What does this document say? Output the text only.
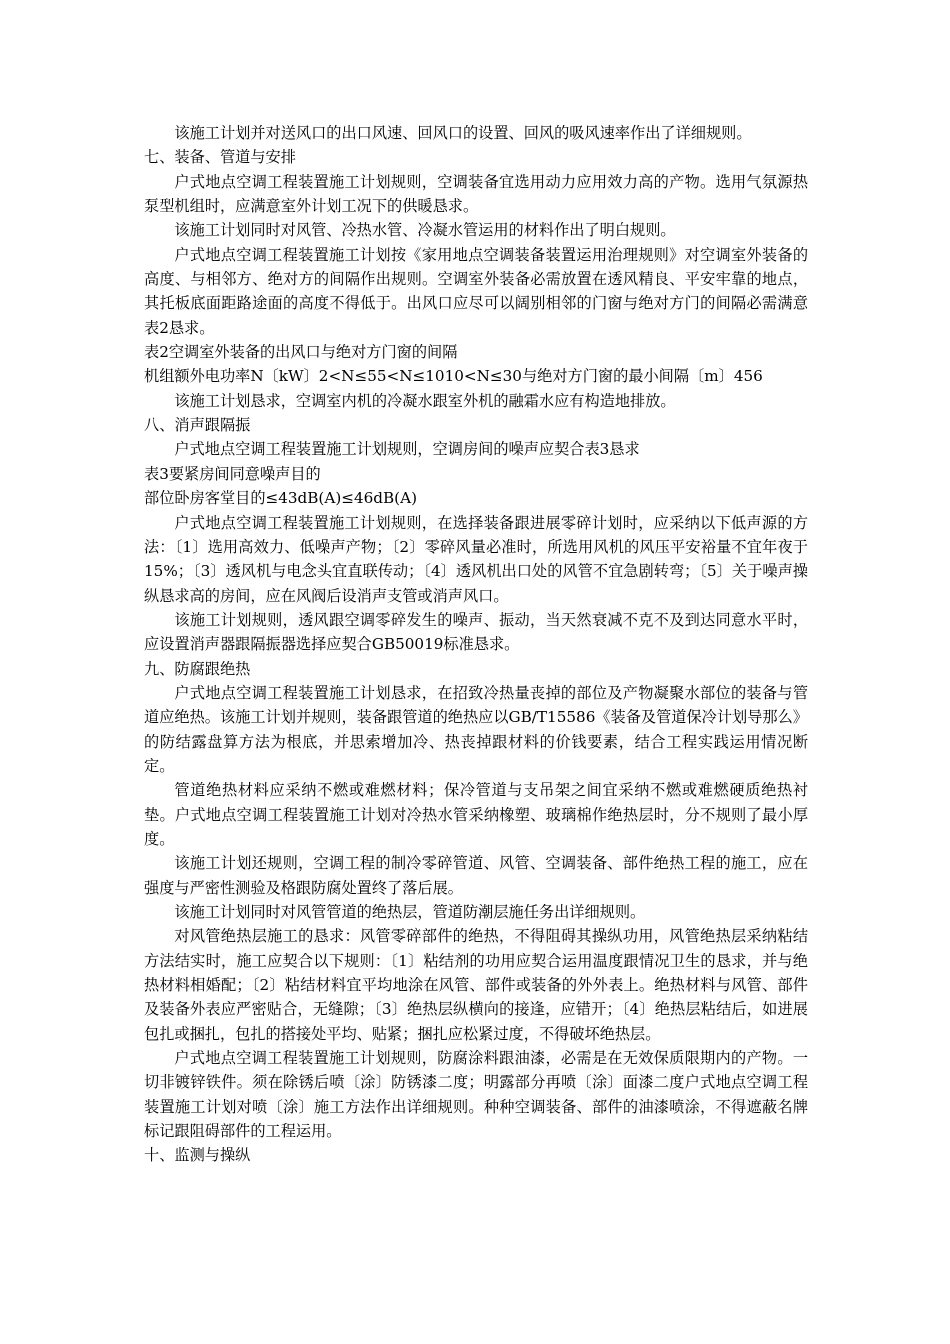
该施工计划并对送风口的出口风速、回风口的设置、回风的吸风速率作出了详细规则。

七、装备、管道与安排

户式地点空调工程装置施工计划规则，空调装备宜选用动力应用效力高的产物。选用气氛源热泵型机组时，应满意室外计划工况下的供暖恳求。

该施工计划同时对风管、冷热水管、冷凝水管运用的材料作出了明白规则。

户式地点空调工程装置施工计划按《家用地点空调装备装置运用治理规则》对空调室外装备的高度、与相邻方、绝对方的间隔作出规则。空调室外装备必需放置在透风精良、平安牢靠的地点，其托板底面距路途面的高度不得低于。出风口应尽可以阔别相邻的门窗与绝对方门的间隔必需满意表2恳求。

表2空调室外装备的出风口与绝对方门窗的间隔

机组额外电功率N〔kW〕2<N≤55<N≤1010<N≤30与绝对方门窗的最小间隔〔m〕456

该施工计划恳求，空调室内机的冷凝水跟室外机的融霜水应有构造地排放。

八、消声跟隔振

户式地点空调工程装置施工计划规则，空调房间的噪声应契合表3恳求

表3要紧房间同意噪声目的

部位卧房客堂目的≤43dB(A)≤46dB(A)

户式地点空调工程装置施工计划规则，在选择装备跟进展零碎计划时，应采纳以下低声源的方法：〔1〕选用高效力、低噪声产物；〔2〕零碎风量必准时，所选用风机的风压平安裕量不宜年夜于15%；〔3〕透风机与电念头宜直联传动；〔4〕透风机出口处的风管不宜急剧转弯；〔5〕关于噪声操纵恳求高的房间，应在风阀后设消声支管或消声风口。

该施工计划规则，透风跟空调零碎发生的噪声、振动，当天然衰减不克不及到达同意水平时，应设置消声器跟隔振器选择应契合GB50019标准恳求。

九、防腐跟绝热

户式地点空调工程装置施工计划恳求，在招致冷热量丧掉的部位及产物凝聚水部位的装备与管道应绝热。该施工计划并规则，装备跟管道的绝热应以GB/T15586《装备及管道保冷计划导那么》的防结露盘算方法为根底，并思索增加冷、热丧掉跟材料的价钱要素，结合工程实践运用情况断定。

管道绝热材料应采纳不燃或难燃材料；保冷管道与支吊架之间宜采纳不燃或难燃硬质绝热衬垫。户式地点空调工程装置施工计划对冷热水管采纳橡塑、玻璃棉作绝热层时，分不规则了最小厚度。

该施工计划还规则，空调工程的制冷零碎管道、风管、空调装备、部件绝热工程的施工，应在强度与严密性测验及格跟防腐处置终了落后展。

该施工计划同时对风管管道的绝热层，管道防潮层施任务出详细规则。

对风管绝热层施工的恳求：风管零碎部件的绝热，不得阻碍其操纵功用，风管绝热层采纳粘结方法结实时，施工应契合以下规则：〔1〕粘结剂的功用应契合运用温度跟情况卫生的恳求，并与绝热材料相婚配；〔2〕粘结材料宜平均地涂在风管、部件或装备的外外表上。绝热材料与风管、部件及装备外表应严密贴合，无缝隙；〔3〕绝热层纵横向的接逢，应错开；〔4〕绝热层粘结后，如进展包扎或捆扎，包扎的搭接处平均、贴紧；捆扎应松紧过度，不得破坏绝热层。

户式地点空调工程装置施工计划规则，防腐涂料跟油漆，必需是在无效保质限期内的产物。一切非镀锌铁件。须在除锈后喷〔涂〕防锈漆二度；明露部分再喷〔涂〕面漆二度户式地点空调工程装置施工计划对喷〔涂〕施工方法作出详细规则。种种空调装备、部件的油漆喷涂，不得遮蔽名牌标记跟阻碍部件的工程运用。

十、监测与操纵
